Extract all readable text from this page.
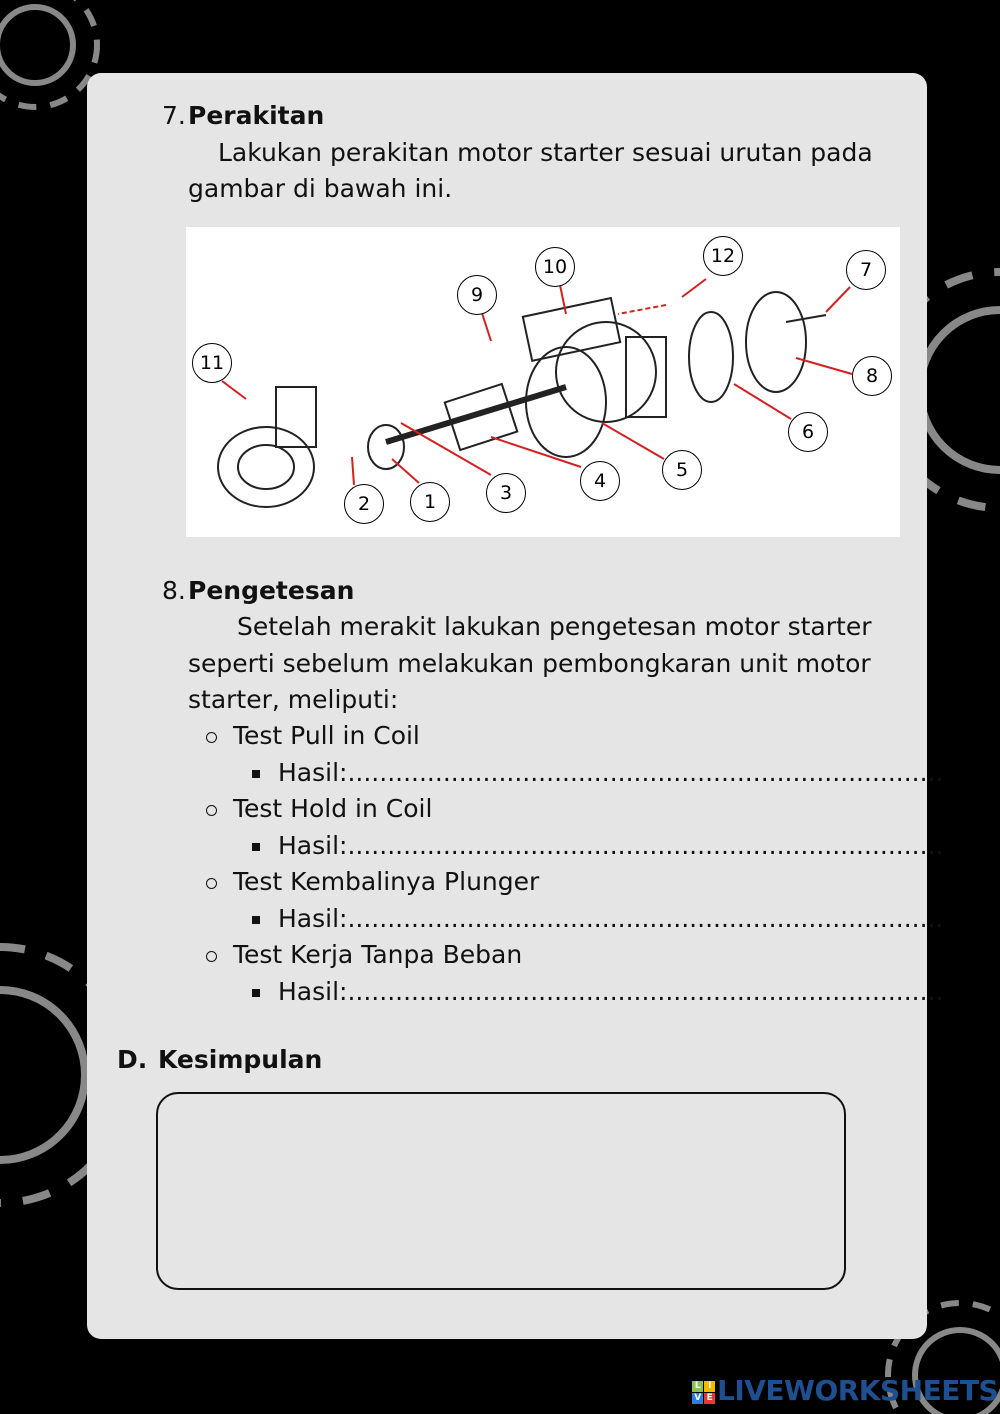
7. Perakitan
Lakukan perakitan motor starter sesuai urutan pada
gambar di bawah ini.
11
2	1	3
4	5
6
8
7
12
10
9
8. Pengetesan
Setelah merakit lakukan pengetesan motor starter
seperti sebelum melakukan pembongkaran unit motor
starter, meliputi:
Test Pull in Coil
Hasil:...........................................................................
Test Hold in Coil
Hasil:...........................................................................
Test Kembalinya Plunger
Hasil:...........................................................................
Test Kerja Tanpa Beban
Hasil:...........................................................................
D. Kesimpulan
L I
V E LIVEWORKSHEETS
